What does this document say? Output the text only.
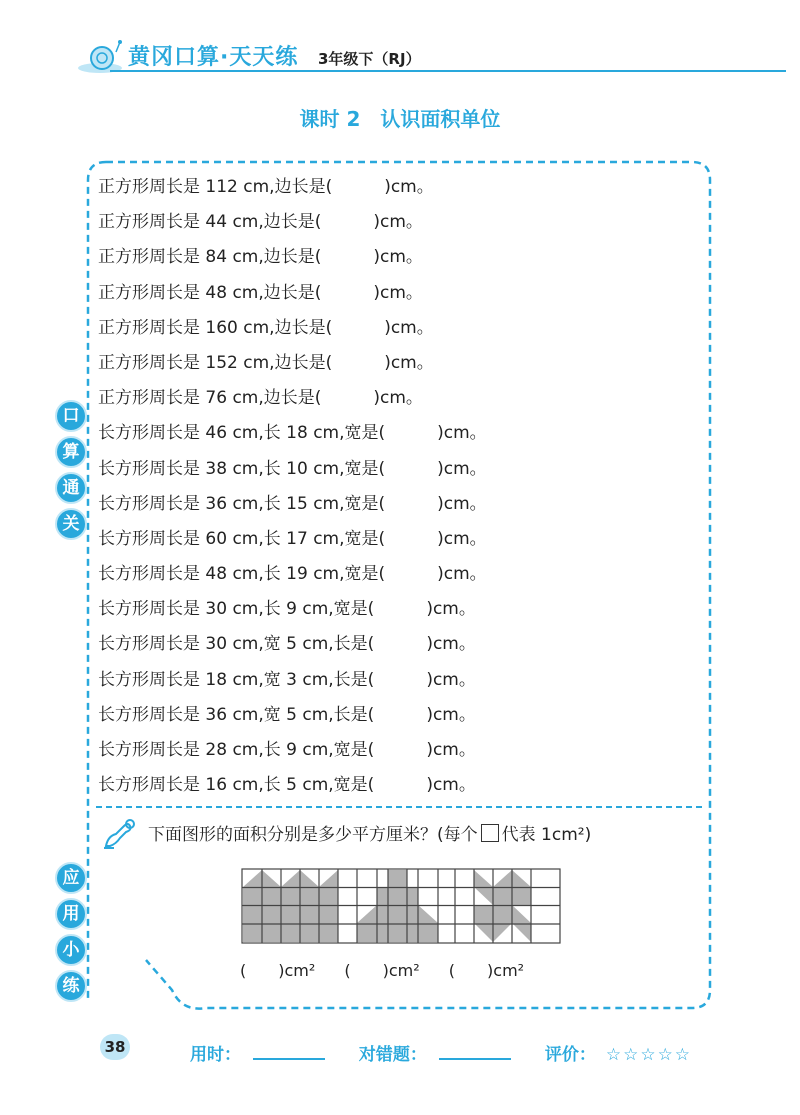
黄冈口算·天天练 3年级下（RJ）
课时 2　认识面积单位
口
算
通
关
应
用
小
练
正方形周长是 112 cm,边长是(	)cm。
正方形周长是 44 cm,边长是(	)cm。
正方形周长是 84 cm,边长是(	)cm。
正方形周长是 48 cm,边长是(	)cm。
正方形周长是 160 cm,边长是(	)cm。
正方形周长是 152 cm,边长是(	)cm。
正方形周长是 76 cm,边长是(	)cm。
长方形周长是 46 cm,长 18 cm,宽是(	)cm。
长方形周长是 38 cm,长 10 cm,宽是(	)cm。
长方形周长是 36 cm,长 15 cm,宽是(	)cm。
长方形周长是 60 cm,长 17 cm,宽是(	)cm。
长方形周长是 48 cm,长 19 cm,宽是(	)cm。
长方形周长是 30 cm,长 9 cm,宽是(	)cm。
长方形周长是 30 cm,宽 5 cm,长是(	)cm。
长方形周长是 18 cm,宽 3 cm,长是(	)cm。
长方形周长是 36 cm,宽 5 cm,长是(	)cm。
长方形周长是 28 cm,长 9 cm,宽是(	)cm。
长方形周长是 16 cm,长 5 cm,宽是(	)cm。
下面图形的面积分别是多少平方厘米？(每个 代表 1cm²)
(　　)cm² (　　)cm² (　　)cm²
38	用时：	对错题：	评价： ☆☆☆☆☆
